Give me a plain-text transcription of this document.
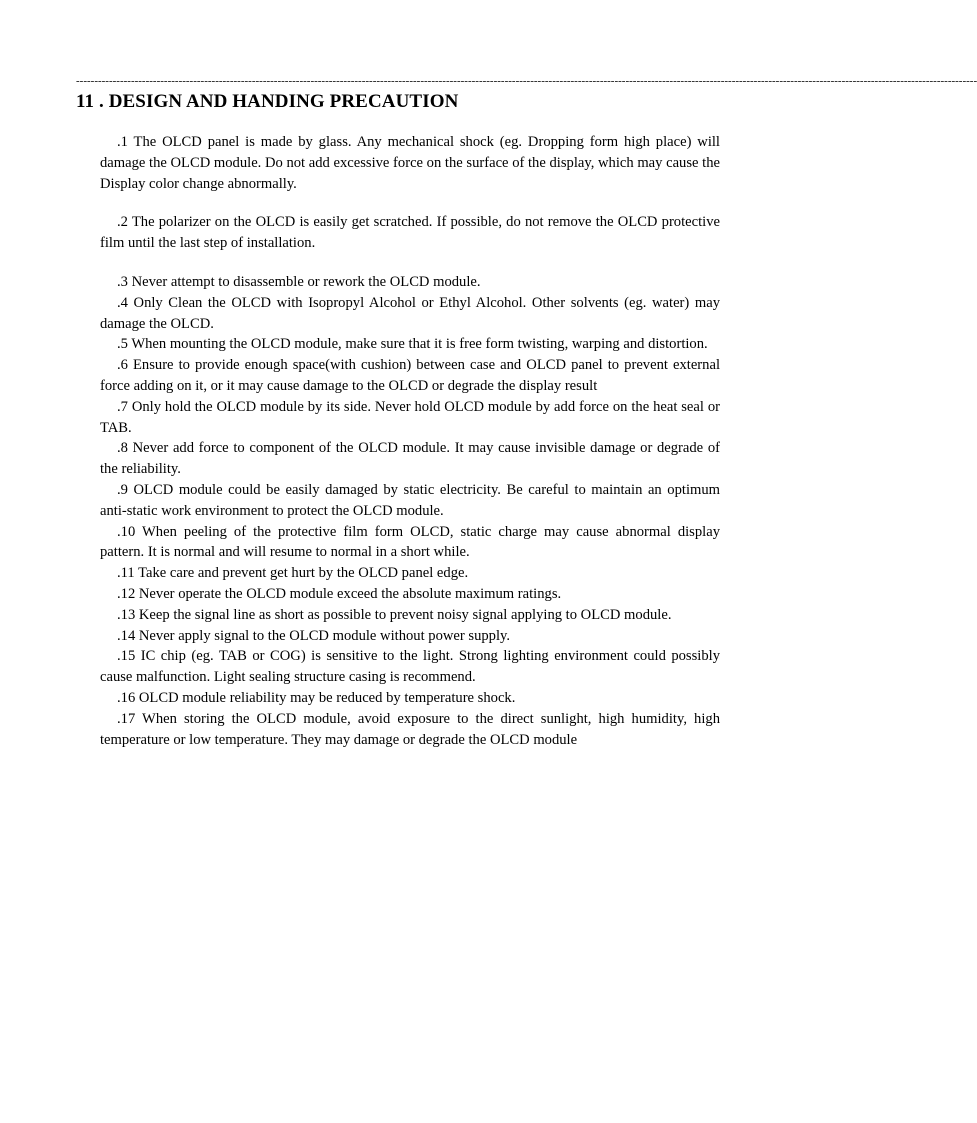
------------------------------------------------------------------------------------------------------------------------------------------------------------------------------------------------------------------------------------------------------
11 . DESIGN AND HANDING PRECAUTION

.1 The OLCD panel is made by glass. Any mechanical shock (eg. Dropping form high place) will damage the OLCD module. Do not add excessive force on the surface of the display, which may cause the Display color change abnormally.

.2 The polarizer on the OLCD is easily get scratched. If possible, do not remove the OLCD protective film until the last step of installation.

.3 Never attempt to disassemble or rework the OLCD module.

.4 Only Clean the OLCD with Isopropyl Alcohol or Ethyl Alcohol. Other solvents (eg. water) may damage the OLCD.

.5 When mounting the OLCD module, make sure that it is free form twisting, warping and distortion.

.6 Ensure to provide enough space(with cushion) between case and OLCD panel to prevent external force adding on it, or it may cause damage to the OLCD or degrade the display result

.7 Only hold the OLCD module by its side. Never hold OLCD module by add force on the heat seal or TAB.

.8 Never add force to component of the OLCD module. It may cause invisible damage or degrade of the reliability.

.9 OLCD module could be easily damaged by static electricity. Be careful to maintain an optimum anti-static work environment to protect the OLCD module.

.10 When peeling of the protective film form OLCD, static charge may cause abnormal display pattern. It is normal and will resume to normal in a short while.

.11 Take care and prevent get hurt by the OLCD panel edge.

.12 Never operate the OLCD module exceed the absolute maximum ratings.

.13 Keep the signal line as short as possible to prevent noisy signal applying to OLCD module.

.14 Never apply signal to the OLCD module without power supply.

.15 IC chip (eg. TAB or COG) is sensitive to the light. Strong lighting environment could possibly cause malfunction. Light sealing structure casing is recommend.

.16 OLCD module reliability may be reduced by temperature shock.

.17 When storing the OLCD module, avoid exposure to the direct sunlight, high humidity, high temperature or low temperature. They may damage or degrade the OLCD module
